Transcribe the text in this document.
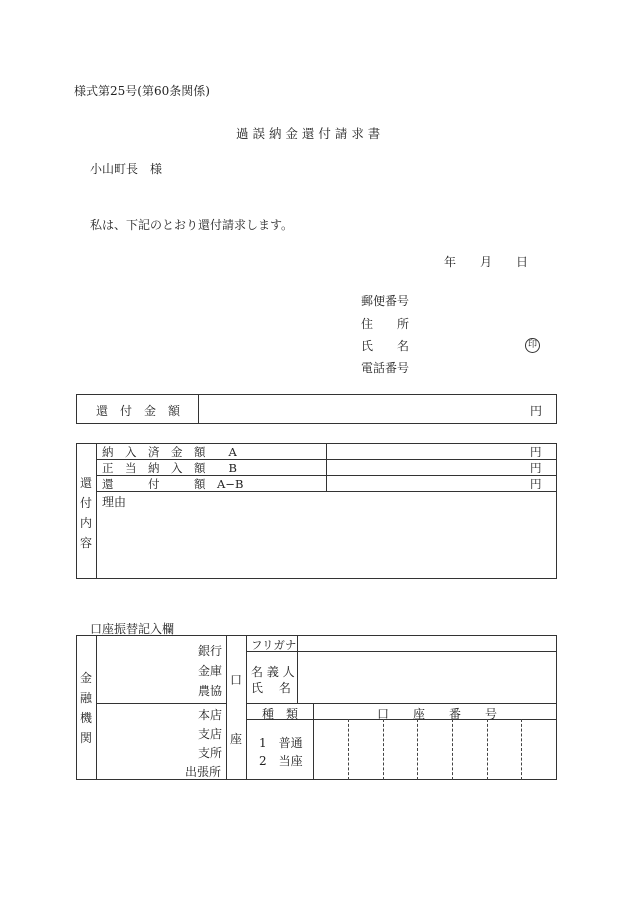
様式第25号(第60条関係)
過 誤 納 金 還 付 請 求 書
小山町長　様
私は、下記のとおり還付請求します。
年 月 日
郵便番号
住　　所
氏　　名	印
電話番号
還　付　金　額	円
納　入　済　金　額　　A	円
正　当　納　入　額　　B	円
還　　　付　　　額　A−B	円
理由
還
付
内
容
口座振替記入欄
金
融
機
関
銀行
金庫
農協
本店
支店
支所
出張所
口
座
フリガナ
名 義 人
氏　 名
種　類	口　　座　　番　　号
1　普通
2　当座
